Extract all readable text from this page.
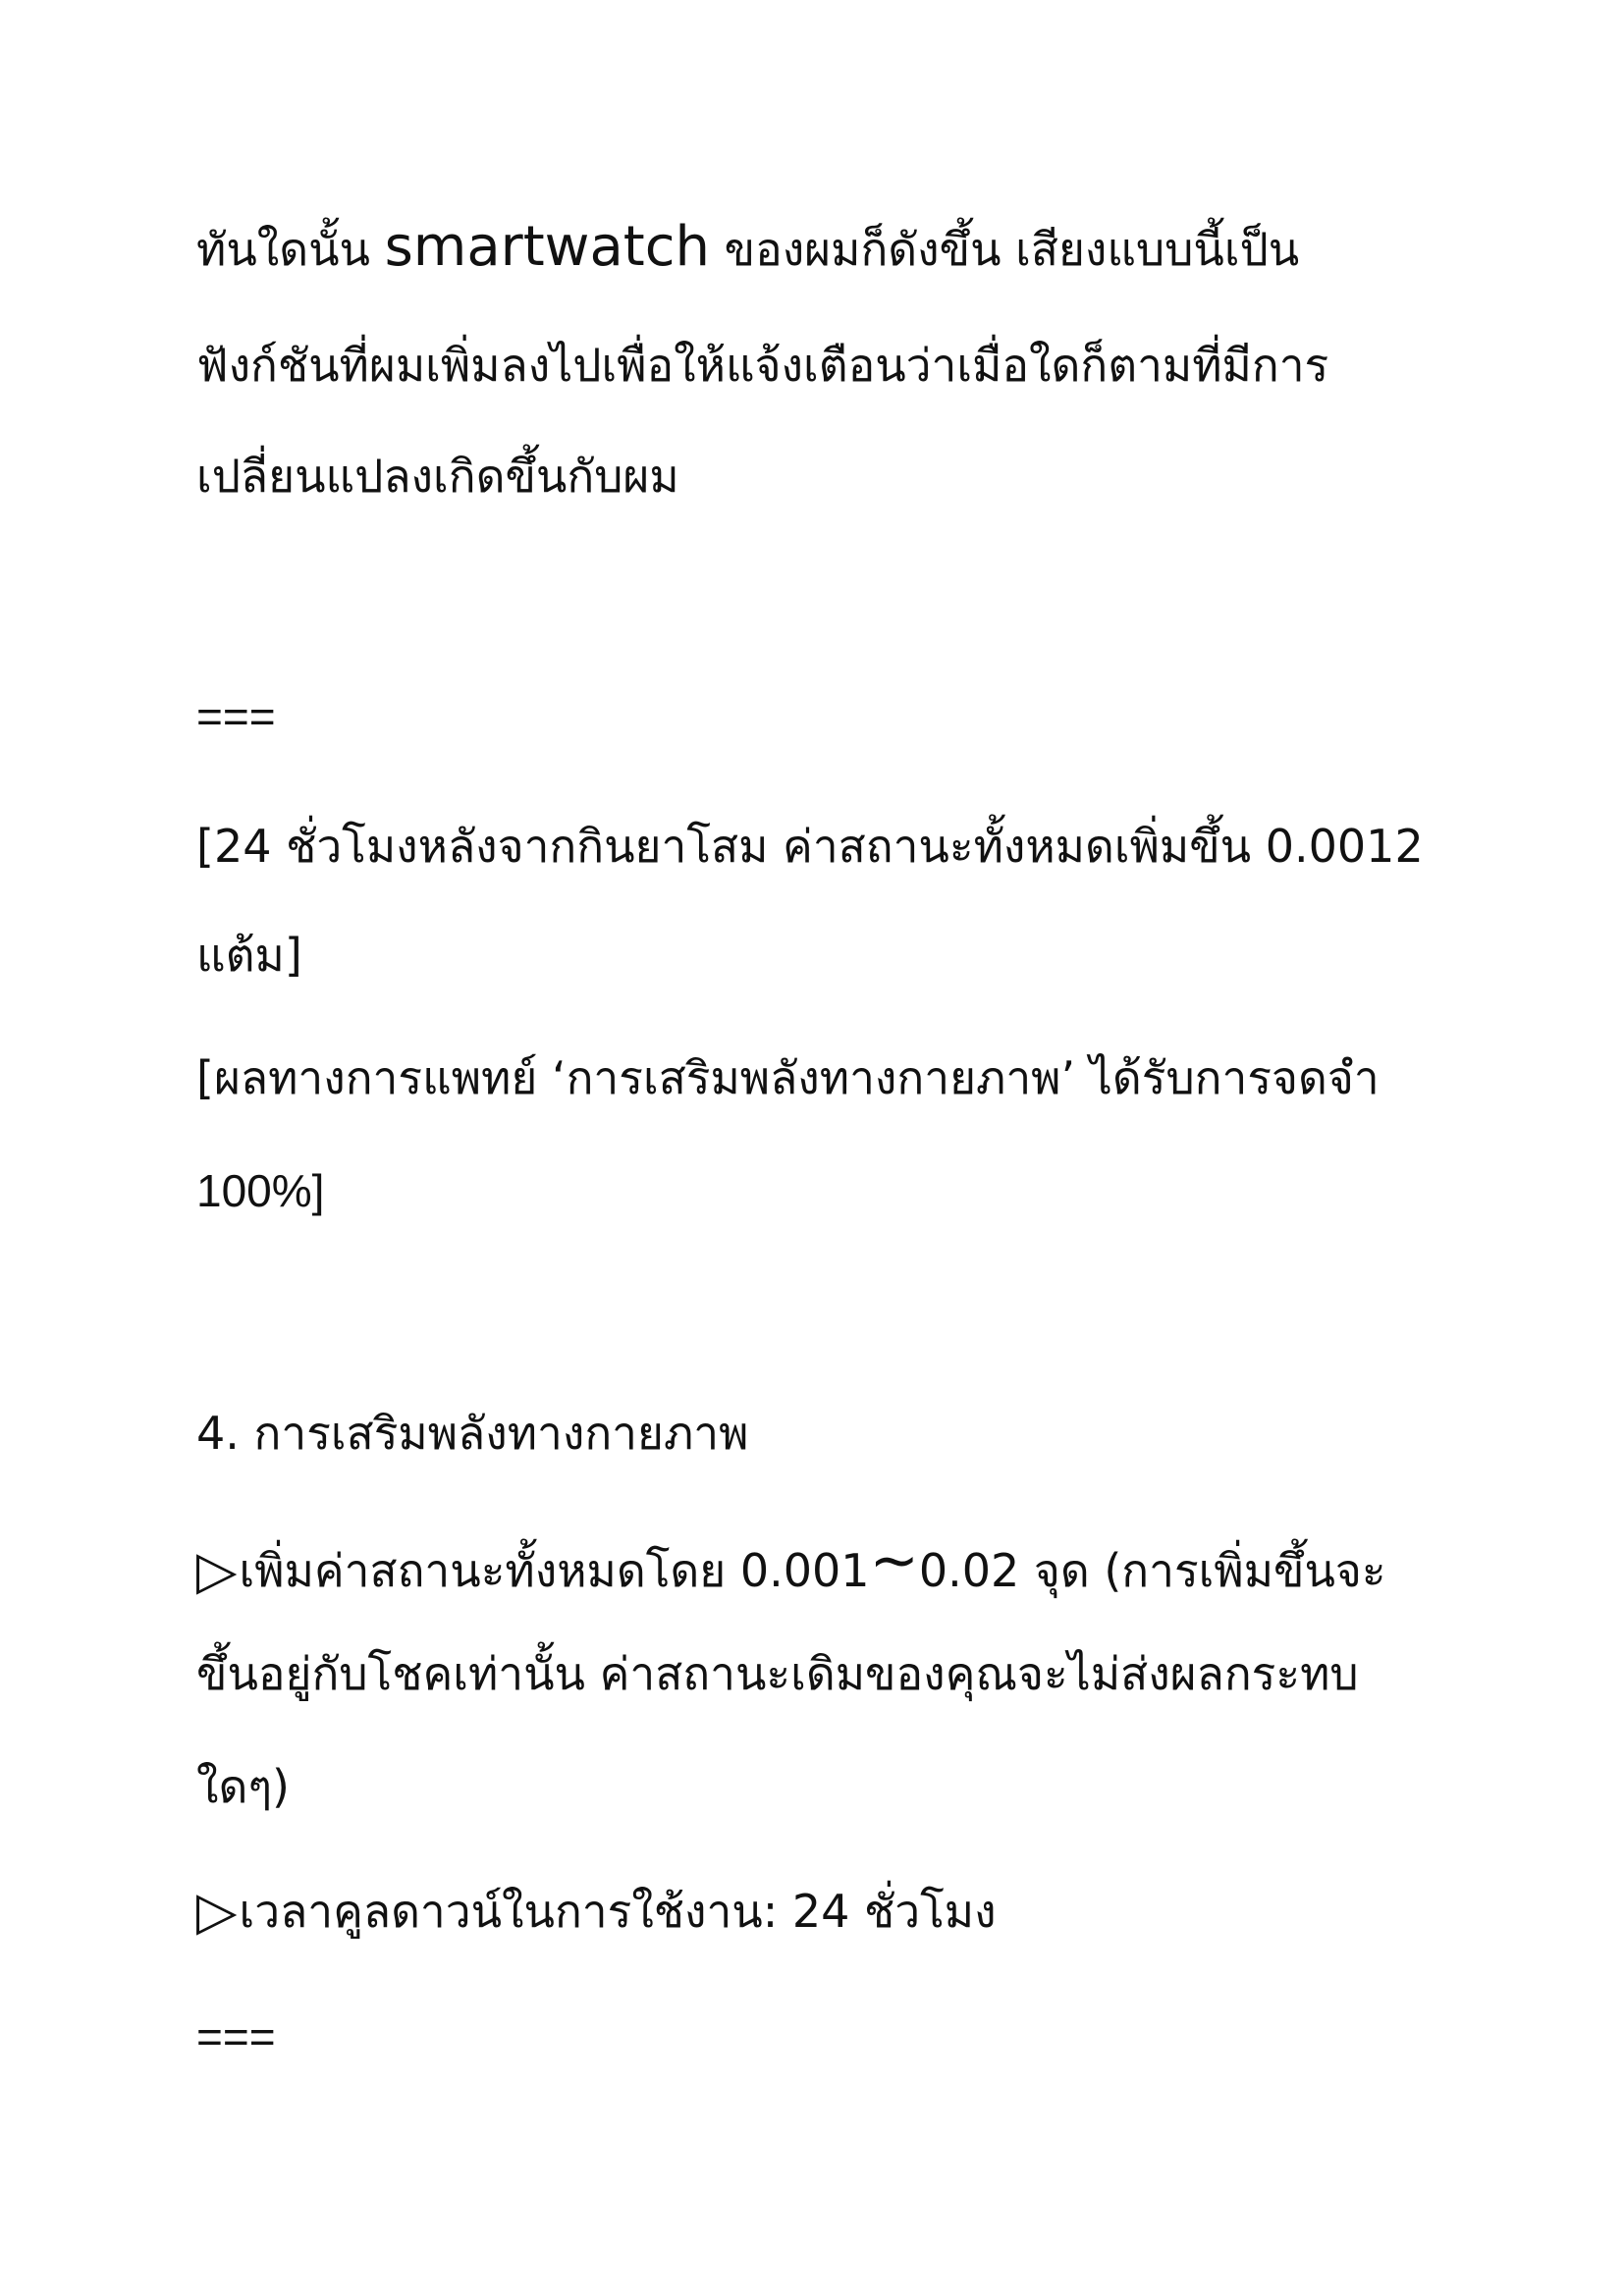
ทันใดนั้น smartwatch ของผมก็ดังขึ้น เสียงแบบนี้เป็น
ฟังก์ชันที่ผมเพิ่มลงไปเพื่อให้แจ้งเตือนว่าเมื่อใดก็ตามที่มีการ
เปลี่ยนแปลงเกิดขึ้นกับผม
===
[24 ชั่วโมงหลังจากกินยาโสม ค่าสถานะทั้งหมดเพิ่มขึ้น 0.0012
แต้ม]
[ผลทางการแพทย์ ‘การเสริมพลังทางกายภาพ’ ได้รับการจดจำ
100%]
4. การเสริมพลังทางกายภาพ
▷เพิ่มค่าสถานะทั้งหมดโดย 0.001~0.02 จุด (การเพิ่มขึ้นจะ
ขึ้นอยู่กับโชคเท่านั้น ค่าสถานะเดิมของคุณจะไม่ส่งผลกระทบ
ใดๆ)
▷เวลาคูลดาวน์ในการใช้งาน: 24 ชั่วโมง
===
